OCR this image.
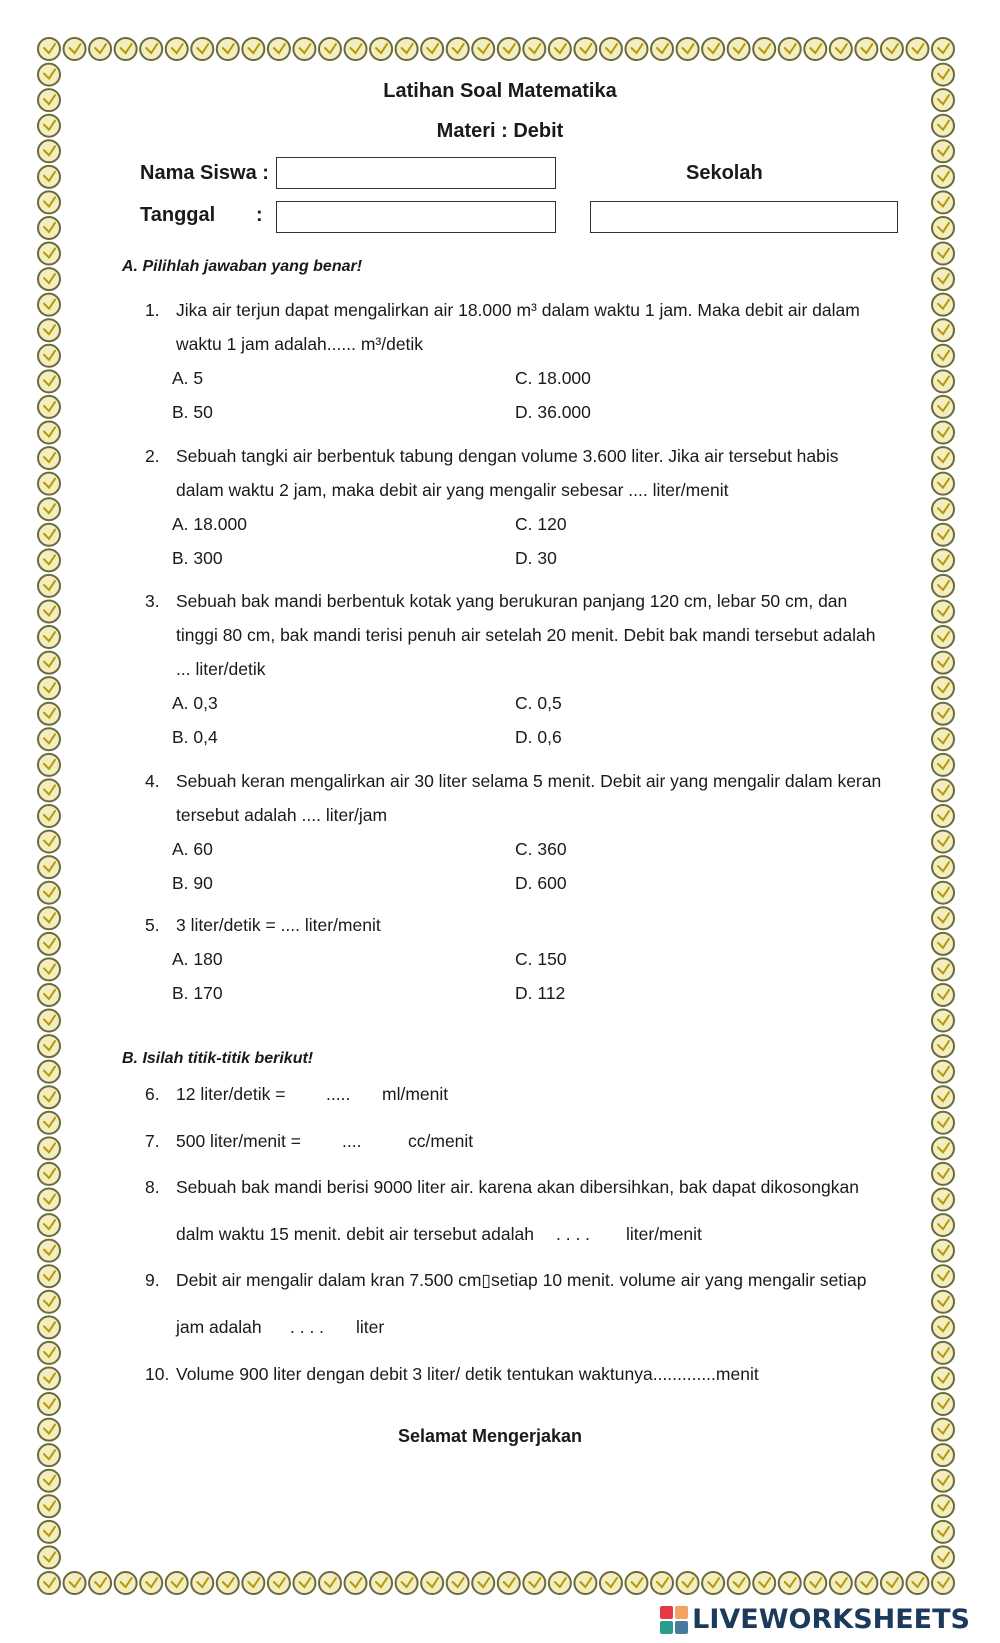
Latihan Soal Matematika
Materi : Debit
Nama Siswa :	Sekolah
Tanggal :
A. Pilihlah jawaban yang benar!
1. Jika air terjun dapat mengalirkan air 18.000 m³ dalam waktu 1 jam. Maka debit air dalam
waktu 1 jam adalah...... m³/detik
A. 5
B. 50
C. 18.000
D. 36.000
2. Sebuah tangki air berbentuk tabung dengan volume 3.600 liter. Jika air tersebut habis
dalam waktu 2 jam, maka debit air yang mengalir sebesar .... liter/menit
A. 18.000
B. 300
C. 120
D. 30
3. Sebuah bak mandi berbentuk kotak yang berukuran panjang 120 cm, lebar 50 cm, dan
tinggi 80 cm, bak mandi terisi penuh air setelah 20 menit. Debit bak mandi tersebut adalah
... liter/detik
A. 0,3
B. 0,4
C. 0,5
D. 0,6
4. Sebuah keran mengalirkan air 30 liter selama 5 menit. Debit air yang mengalir dalam keran
tersebut adalah .... liter/jam
A. 60
B. 90
C. 360
D. 600
5. 3 liter/detik = .... liter/menit
A. 180
B. 170
C. 150
D. 112
B. Isilah titik-titik berikut!
6. 12 liter/detik = ..... ml/menit
7. 500 liter/menit = ....	cc/menit
8. Sebuah bak mandi berisi 9000 liter air. karena akan dibersihkan, bak dapat dikosongkan
dalm waktu 15 menit. debit air tersebut adalah . . . . liter/menit
9. Debit air mengalir dalam kran 7.500 cm▯setiap 10 menit. volume air yang mengalir setiap
jam adalah . . . . liter
10. Volume 900 liter dengan debit 3 liter/ detik tentukan waktunya.............menit
Selamat Mengerjakan
LIVEWORKSHEETS
